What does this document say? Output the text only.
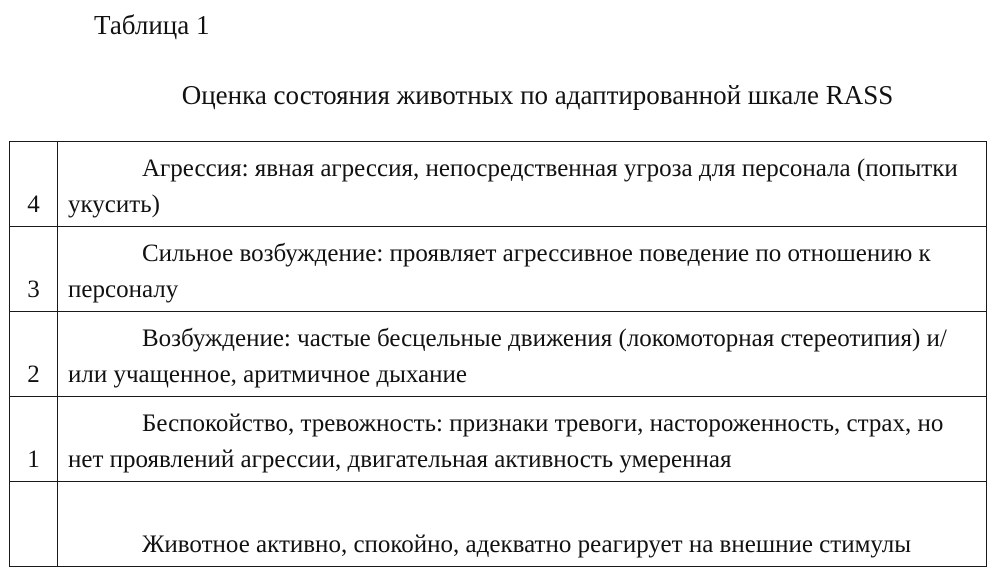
Таблица 1
Оценка состояния животных по адаптированной шкале RASS
4	Агрессия: явная агрессия, непосредственная угроза для персонала (попытки укусить)

3	Сильное возбуждение: проявляет агрессивное поведение по отношению к персоналу

2	Возбуждение: частые бесцельные движения (локомоторная стереотипия) и/или учащенное, аритмичное дыхание

1	Беспокойство, тревожность: признаки тревоги, настороженность, страх, но нет проявлений агрессии, двигательная активность умеренная

	Животное активно, спокойно, адекватно реагирует на внешние стимулы
